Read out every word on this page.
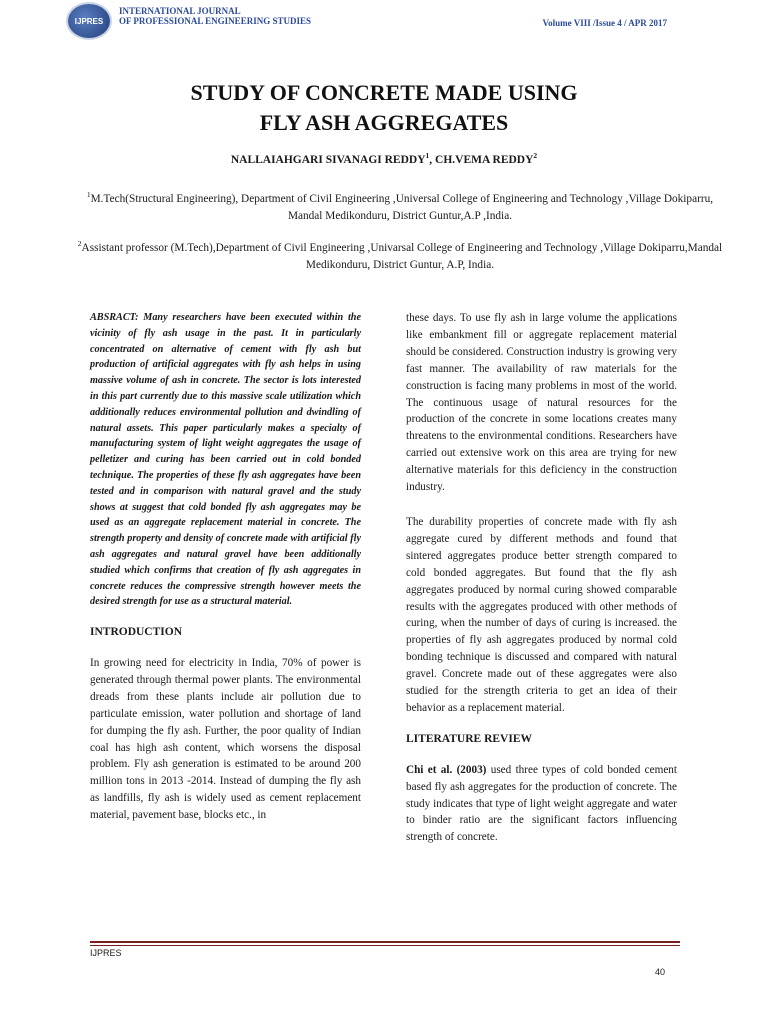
IJPRES
INTERNATIONAL JOURNAL
OF PROFESSIONAL ENGINEERING STUDIES	Volume VIII /Issue 4 / APR 2017
STUDY OF CONCRETE MADE USING
FLY ASH AGGREGATES
NALLAIAHGARI SIVANAGI REDDY$^1$, CH.VEMA REDDY$^2$
$^1$M.Tech(Structural Engineering), Department of Civil Engineering ,Universal College of Engineering and Technology ,Village Dokiparru, Mandal Medikonduru, District Guntur,A.P ,India.
$^2$Assistant professor (M.Tech),Department of Civil Engineering ,Univarsal College of Engineering and Technology ,Village Dokiparru,Mandal Medikonduru, District Guntur, A.P, India.

ABSRACT: Many researchers have been executed within the vicinity of fly ash usage in the past. It in particularly concentrated on alternative of cement with fly ash but production of artificial aggregates with fly ash helps in using massive volume of ash in concrete. The sector is lots interested in this part currently due to this massive scale utilization which additionally reduces environmental pollution and dwindling of natural assets. This paper particularly makes a specialty of manufacturing system of light weight aggregates the usage of pelletizer and curing has been carried out in cold bonded technique. The properties of these fly ash aggregates have been tested and in comparison with natural gravel and the study shows at suggest that cold bonded fly ash aggregates may be used as an aggregate replacement material in concrete. The strength property and density of concrete made with artificial fly ash aggregates and natural gravel have been additionally studied which confirms that creation of fly ash aggregates in concrete reduces the compressive strength however meets the desired strength for use as a structural material.

INTRODUCTION

In growing need for electricity in India, 70% of power is generated through thermal power plants. The environmental dreads from these plants include air pollution due to particulate emission, water pollution and shortage of land for dumping the fly ash. Further, the poor quality of Indian coal has high ash content, which worsens the disposal problem. Fly ash generation is estimated to be around 200 million tons in 2013 -2014. Instead of dumping the fly ash as landfills, fly ash is widely used as cement replacement material, pavement base, blocks etc., in

these days. To use fly ash in large volume the applications like embankment fill or aggregate replacement material should be considered. Construction industry is growing very fast manner. The availability of raw materials for the construction is facing many problems in most of the world. The continuous usage of natural resources for the production of the concrete in some locations creates many threatens to the environmental conditions. Researchers have carried out extensive work on this area are trying for new alternative materials for this deficiency in the construction industry.

The durability properties of concrete made with fly ash aggregate cured by different methods and found that sintered aggregates produce better strength compared to cold bonded aggregates. But found that the fly ash aggregates produced by normal curing showed comparable results with the aggregates produced with other methods of curing, when the number of days of curing is increased. the properties of fly ash aggregates produced by normal cold bonding technique is discussed and compared with natural gravel. Concrete made out of these aggregates were also studied for the strength criteria to get an idea of their behavior as a replacement material.

LITERATURE REVIEW

Chi et al. (2003) used three types of cold bonded cement based fly ash aggregates for the production of concrete. The study indicates that type of light weight aggregate and water to binder ratio are the significant factors influencing strength of concrete.

IJPRES
40
